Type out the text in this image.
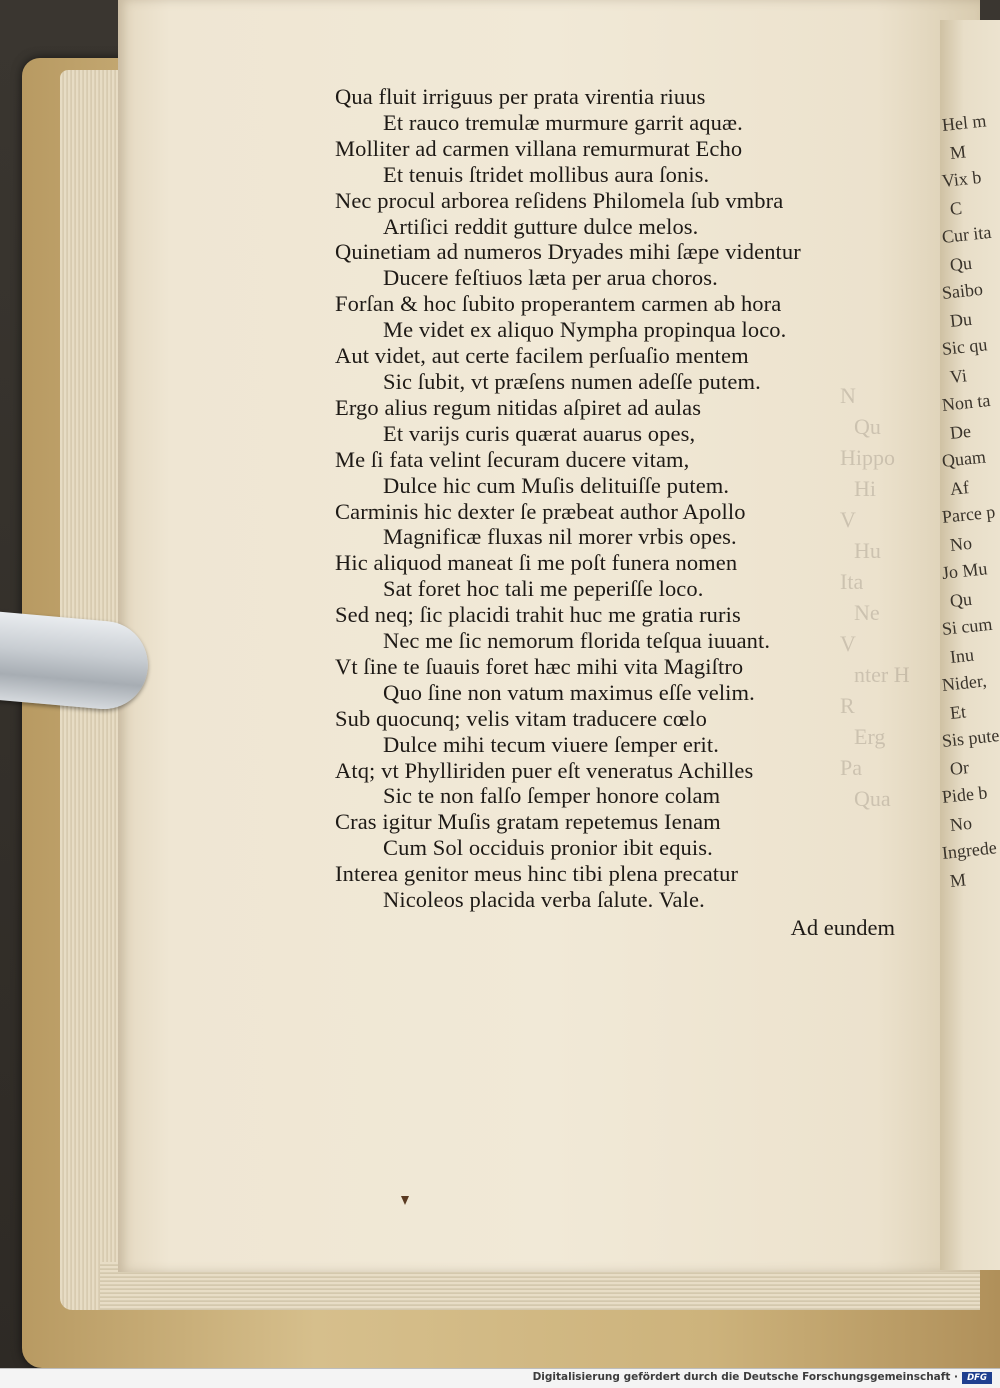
Hel m
M
Vix b
C
Cur ita
Qu
Saibo
Du
Sic qu
Vi
Non ta
De
Quam
Af
Parce p
No
Jo Mu
Qu
Si cum
Inu
Nider,
Et
Sis pute
Or
Pide b
No
Ingrede
M
Qua fluit irriguus per prata virentia riuus
Et rauco tremulæ murmure garrit aquæ.
Molliter ad carmen villana remurmurat Echo
Et tenuis ſtridet mollibus aura ſonis.
Nec procul arborea reſidens Philomela ſub vmbra
Artiſici reddit gutture dulce melos.
Quinetiam ad numeros Dryades mihi ſæpe videntur
Ducere feſtiuos læta per arua choros.
Forſan & hoc ſubito properantem carmen ab hora
Me videt ex aliquo Nympha propinqua loco.
Aut videt, aut certe facilem perſuaſio mentem
Sic ſubit, vt præſens numen adeſſe putem.
Ergo alius regum nitidas aſpiret ad aulas
Et varijs curis quærat auarus opes,
Me ſi fata velint ſecuram ducere vitam,
Dulce hic cum Muſis delituiſſe putem.
Carminis hic dexter ſe præbeat author Apollo
Magnificæ fluxas nil morer vrbis opes.
Hic aliquod maneat ſi me poſt funera nomen
Sat foret hoc tali me peperiſſe loco.
Sed neq; ſic placidi trahit huc me gratia ruris
Nec me ſic nemorum florida teſqua iuuant.
Vt ſine te ſuauis foret hæc mihi vita Magiſtro
Quo ſine non vatum maximus eſſe velim.
Sub quocunq; velis vitam traducere cœlo
Dulce mihi tecum viuere ſemper erit.
Atq; vt Phylliriden puer eſt veneratus Achilles
Sic te non falſo ſemper honore colam
Cras igitur Muſis gratam repetemus Ienam
Cum Sol occiduis pronior ibit equis.
Interea genitor meus hinc tibi plena precatur
Nicoleos placida verba ſalute. Vale.
Ad eundem
Digitalisierung gefördert durch die Deutsche Forschungsgemeinschaft ·	DFG
